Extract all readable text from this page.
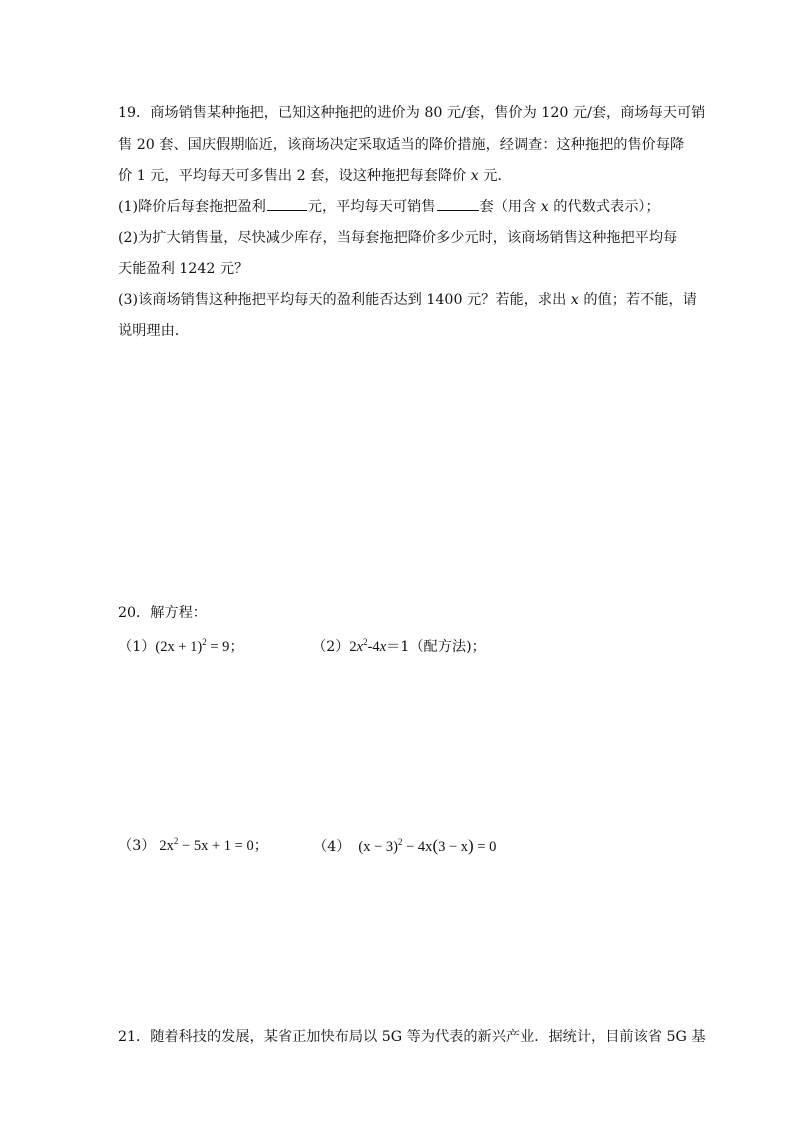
19．商场销售某种拖把，已知这种拖把的进价为 80 元/套，售价为 120 元/套，商场每天可销
售 20 套、国庆假期临近，该商场决定采取适当的降价措施，经调查：这种拖把的售价每降
价 1 元，平均每天可多售出 2 套，设这种拖把每套降价 x 元．
(1)降价后每套拖把盈利	元，平均每天可销售	套（用含 x 的代数式表示）；
(2)为扩大销售量，尽快减少库存，当每套拖把降价多少元时，该商场销售这种拖把平均每
天能盈利 1242 元？
(3)该商场销售这种拖把平均每天的盈利能否达到 1400 元？若能，求出 x 的值；若不能，请
说明理由．
20．解方程：
$(1)(2x + 1)^2 = 9$；	$(2)2x^2-4x=1$（配方法)；
（3） $2x^2 - 5x + 1 = 0$；	（4） $(x - 3)^2 - 4x(3 - x) = 0$
21．随着科技的发展，某省正加快布局以 5G 等为代表的新兴产业．据统计，目前该省 5G 基
